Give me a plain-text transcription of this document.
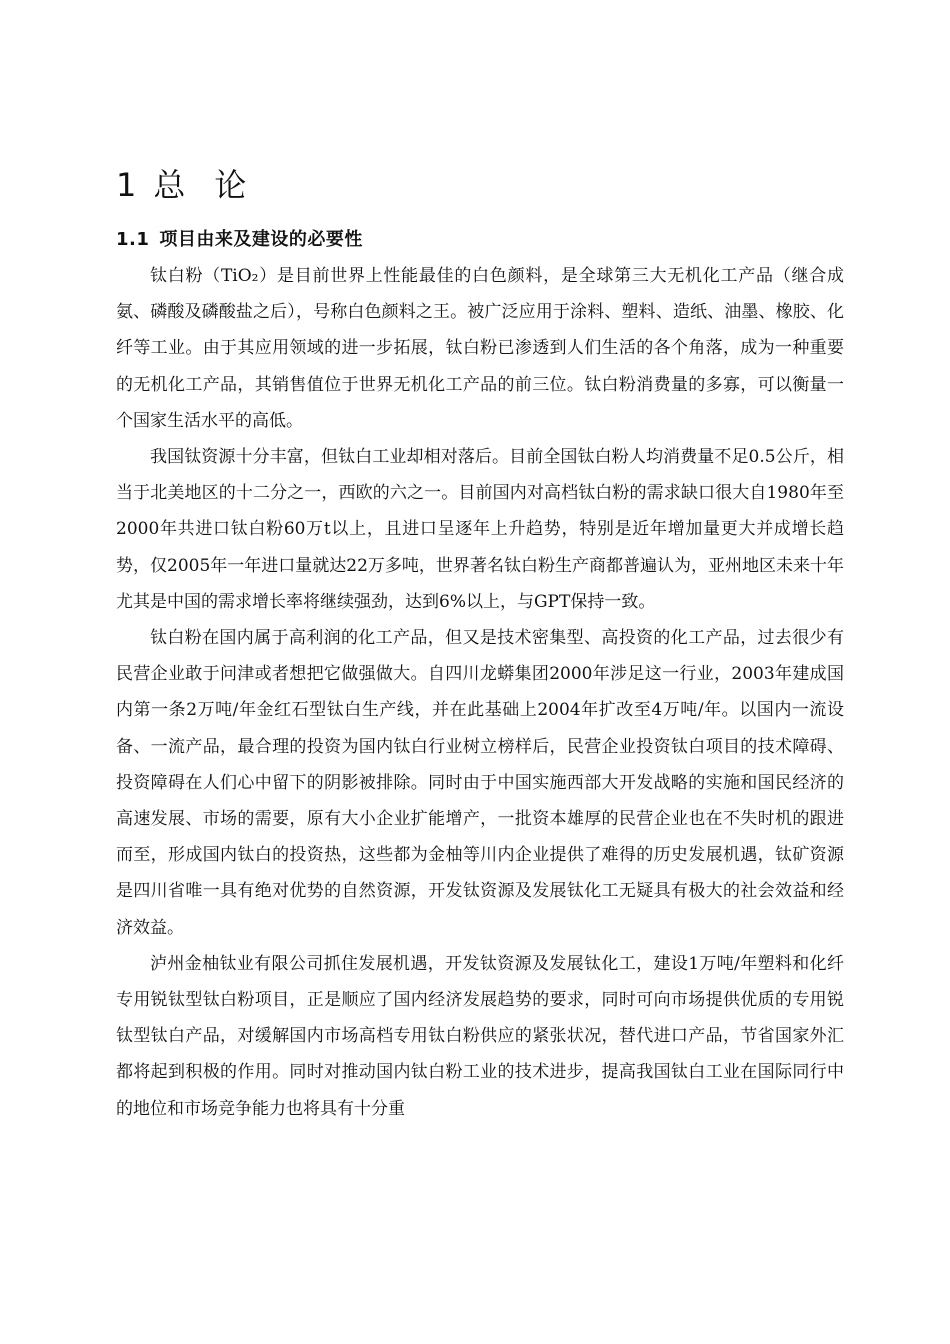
1 总 论
1.1 项目由来及建设的必要性

钛白粉（TiO₂）是目前世界上性能最佳的白色颜料，是全球第三大无机化工产品（继合成氨、磷酸及磷酸盐之后），号称白色颜料之王。被广泛应用于涂料、塑料、造纸、油墨、橡胶、化纤等工业。由于其应用领域的进一步拓展，钛白粉已渗透到人们生活的各个角落，成为一种重要的无机化工产品，其销售值位于世界无机化工产品的前三位。钛白粉消费量的多寡，可以衡量一个国家生活水平的高低。

我国钛资源十分丰富，但钛白工业却相对落后。目前全国钛白粉人均消费量不足0.5公斤，相当于北美地区的十二分之一，西欧的六之一。目前国内对高档钛白粉的需求缺口很大自1980年至2000年共进口钛白粉60万t以上，且进口呈逐年上升趋势，特别是近年增加量更大并成增长趋势，仅2005年一年进口量就达22万多吨，世界著名钛白粉生产商都普遍认为，亚州地区未来十年尤其是中国的需求增长率将继续强劲，达到6%以上，与GPT保持一致。

钛白粉在国内属于高利润的化工产品，但又是技术密集型、高投资的化工产品，过去很少有民营企业敢于问津或者想把它做强做大。自四川龙蟒集团2000年涉足这一行业，2003年建成国内第一条2万吨/年金红石型钛白生产线，并在此基础上2004年扩改至4万吨/年。以国内一流设备、一流产品，最合理的投资为国内钛白行业树立榜样后，民营企业投资钛白项目的技术障碍、投资障碍在人们心中留下的阴影被排除。同时由于中国实施西部大开发战略的实施和国民经济的高速发展、市场的需要，原有大小企业扩能增产，一批资本雄厚的民营企业也在不失时机的跟进而至，形成国内钛白的投资热，这些都为金柚等川内企业提供了难得的历史发展机遇，钛矿资源是四川省唯一具有绝对优势的自然资源，开发钛资源及发展钛化工无疑具有极大的社会效益和经济效益。

泸州金柚钛业有限公司抓住发展机遇，开发钛资源及发展钛化工，建设1万吨/年塑料和化纤专用锐钛型钛白粉项目，正是顺应了国内经济发展趋势的要求，同时可向市场提供优质的专用锐钛型钛白产品，对缓解国内市场高档专用钛白粉供应的紧张状况，替代进口产品，节省国家外汇都将起到积极的作用。同时对推动国内钛白粉工业的技术进步，提高我国钛白工业在国际同行中的地位和市场竞争能力也将具有十分重
